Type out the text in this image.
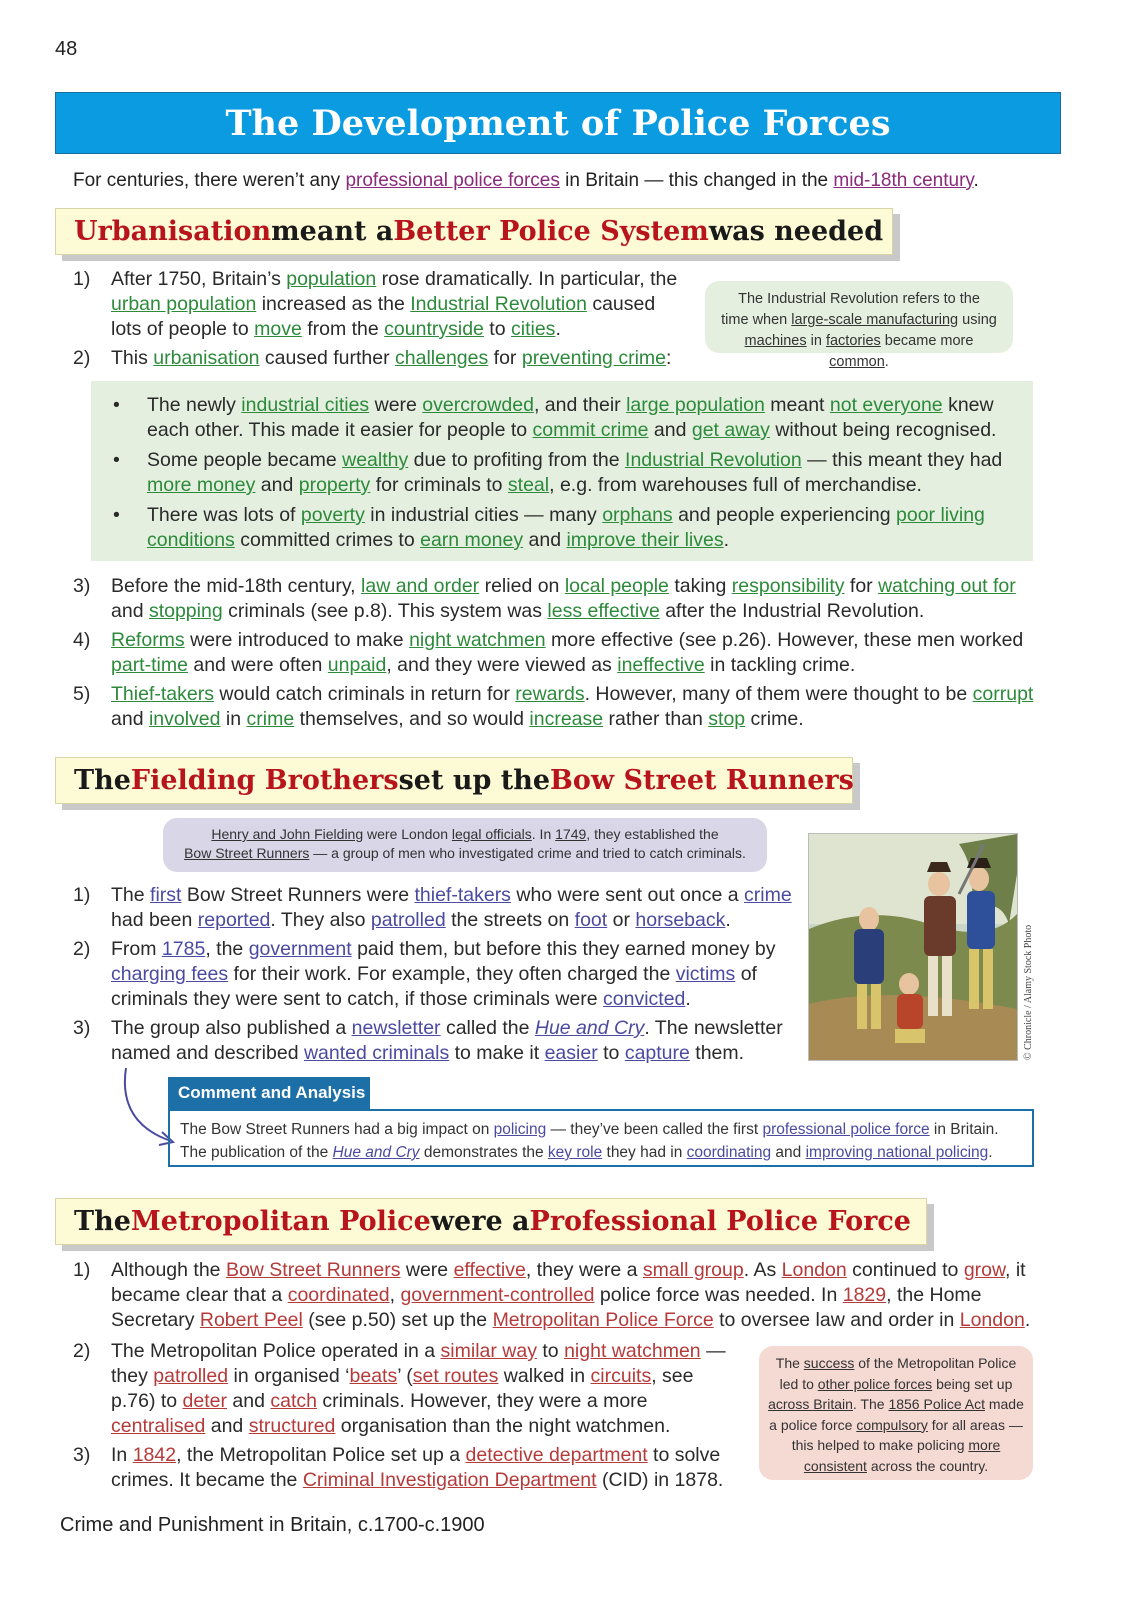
48
The Development of Police Forces
For centuries, there weren’t any professional police forces in Britain — this changed in the mid-18th century.
Urbanisation meant a Better Police System was needed
1) After 1750, Britain’s population rose dramatically. In particular, the urban population increased as the Industrial Revolution caused lots of people to move from the countryside to cities.
2) This urbanisation caused further challenges for preventing crime:
The Industrial Revolution refers to the
time when large-scale manufacturing using
machines in factories became more common.
• The newly industrial cities were overcrowded, and their large population meant not everyone knew each other. This made it easier for people to commit crime and get away without being recognised.
• Some people became wealthy due to profiting from the Industrial Revolution — this meant they had more money and property for criminals to steal, e.g. from warehouses full of merchandise.
• There was lots of poverty in industrial cities — many orphans and people experiencing poor living conditions committed crimes to earn money and improve their lives.
3) Before the mid-18th century, law and order relied on local people taking responsibility for watching out for and stopping criminals (see p.8). This system was less effective after the Industrial Revolution.
4) Reforms were introduced to make night watchmen more effective (see p.26). However, these men worked part-time and were often unpaid, and they were viewed as ineffective in tackling crime.
5) Thief-takers would catch criminals in return for rewards. However, many of them were thought to be corrupt and involved in crime themselves, and so would increase rather than stop crime.
The Fielding Brothers set up the Bow Street Runners
Henry and John Fielding were London legal officials. In 1749, they established the
Bow Street Runners — a group of men who investigated crime and tried to catch criminals.
1) The first Bow Street Runners were thief-takers who were sent out once a crime had been reported. They also patrolled the streets on foot or horseback.
2) From 1785, the government paid them, but before this they earned money by charging fees for their work. For example, they often charged the victims of criminals they were sent to catch, if those criminals were convicted.
3) The group also published a newsletter called the Hue and Cry. The newsletter named and described wanted criminals to make it easier to capture them.	© Chronicle / Alamy Stock Photo
Comment and Analysis
The Bow Street Runners had a big impact on policing — they’ve been called the first professional police force in Britain.
The publication of the Hue and Cry demonstrates the key role they had in coordinating and improving national policing.
The Metropolitan Police were a Professional Police Force
1) Although the Bow Street Runners were effective, they were a small group. As London continued to grow, it became clear that a coordinated, government-controlled police force was needed. In 1829, the Home Secretary Robert Peel (see p.50) set up the Metropolitan Police Force to oversee law and order in London.
2) The Metropolitan Police operated in a similar way to night watchmen — they patrolled in organised ‘beats’ (set routes walked in circuits, see p.76) to deter and catch criminals. However, they were a more centralised and structured organisation than the night watchmen.
3) In 1842, the Metropolitan Police set up a detective department to solve crimes. It became the Criminal Investigation Department (CID) in 1878.
The success of the Metropolitan Police led to other police forces being set up across Britain. The 1856 Police Act made a police force compulsory for all areas — this helped to make policing more consistent across the country.
Crime and Punishment in Britain, c.1700-c.1900
